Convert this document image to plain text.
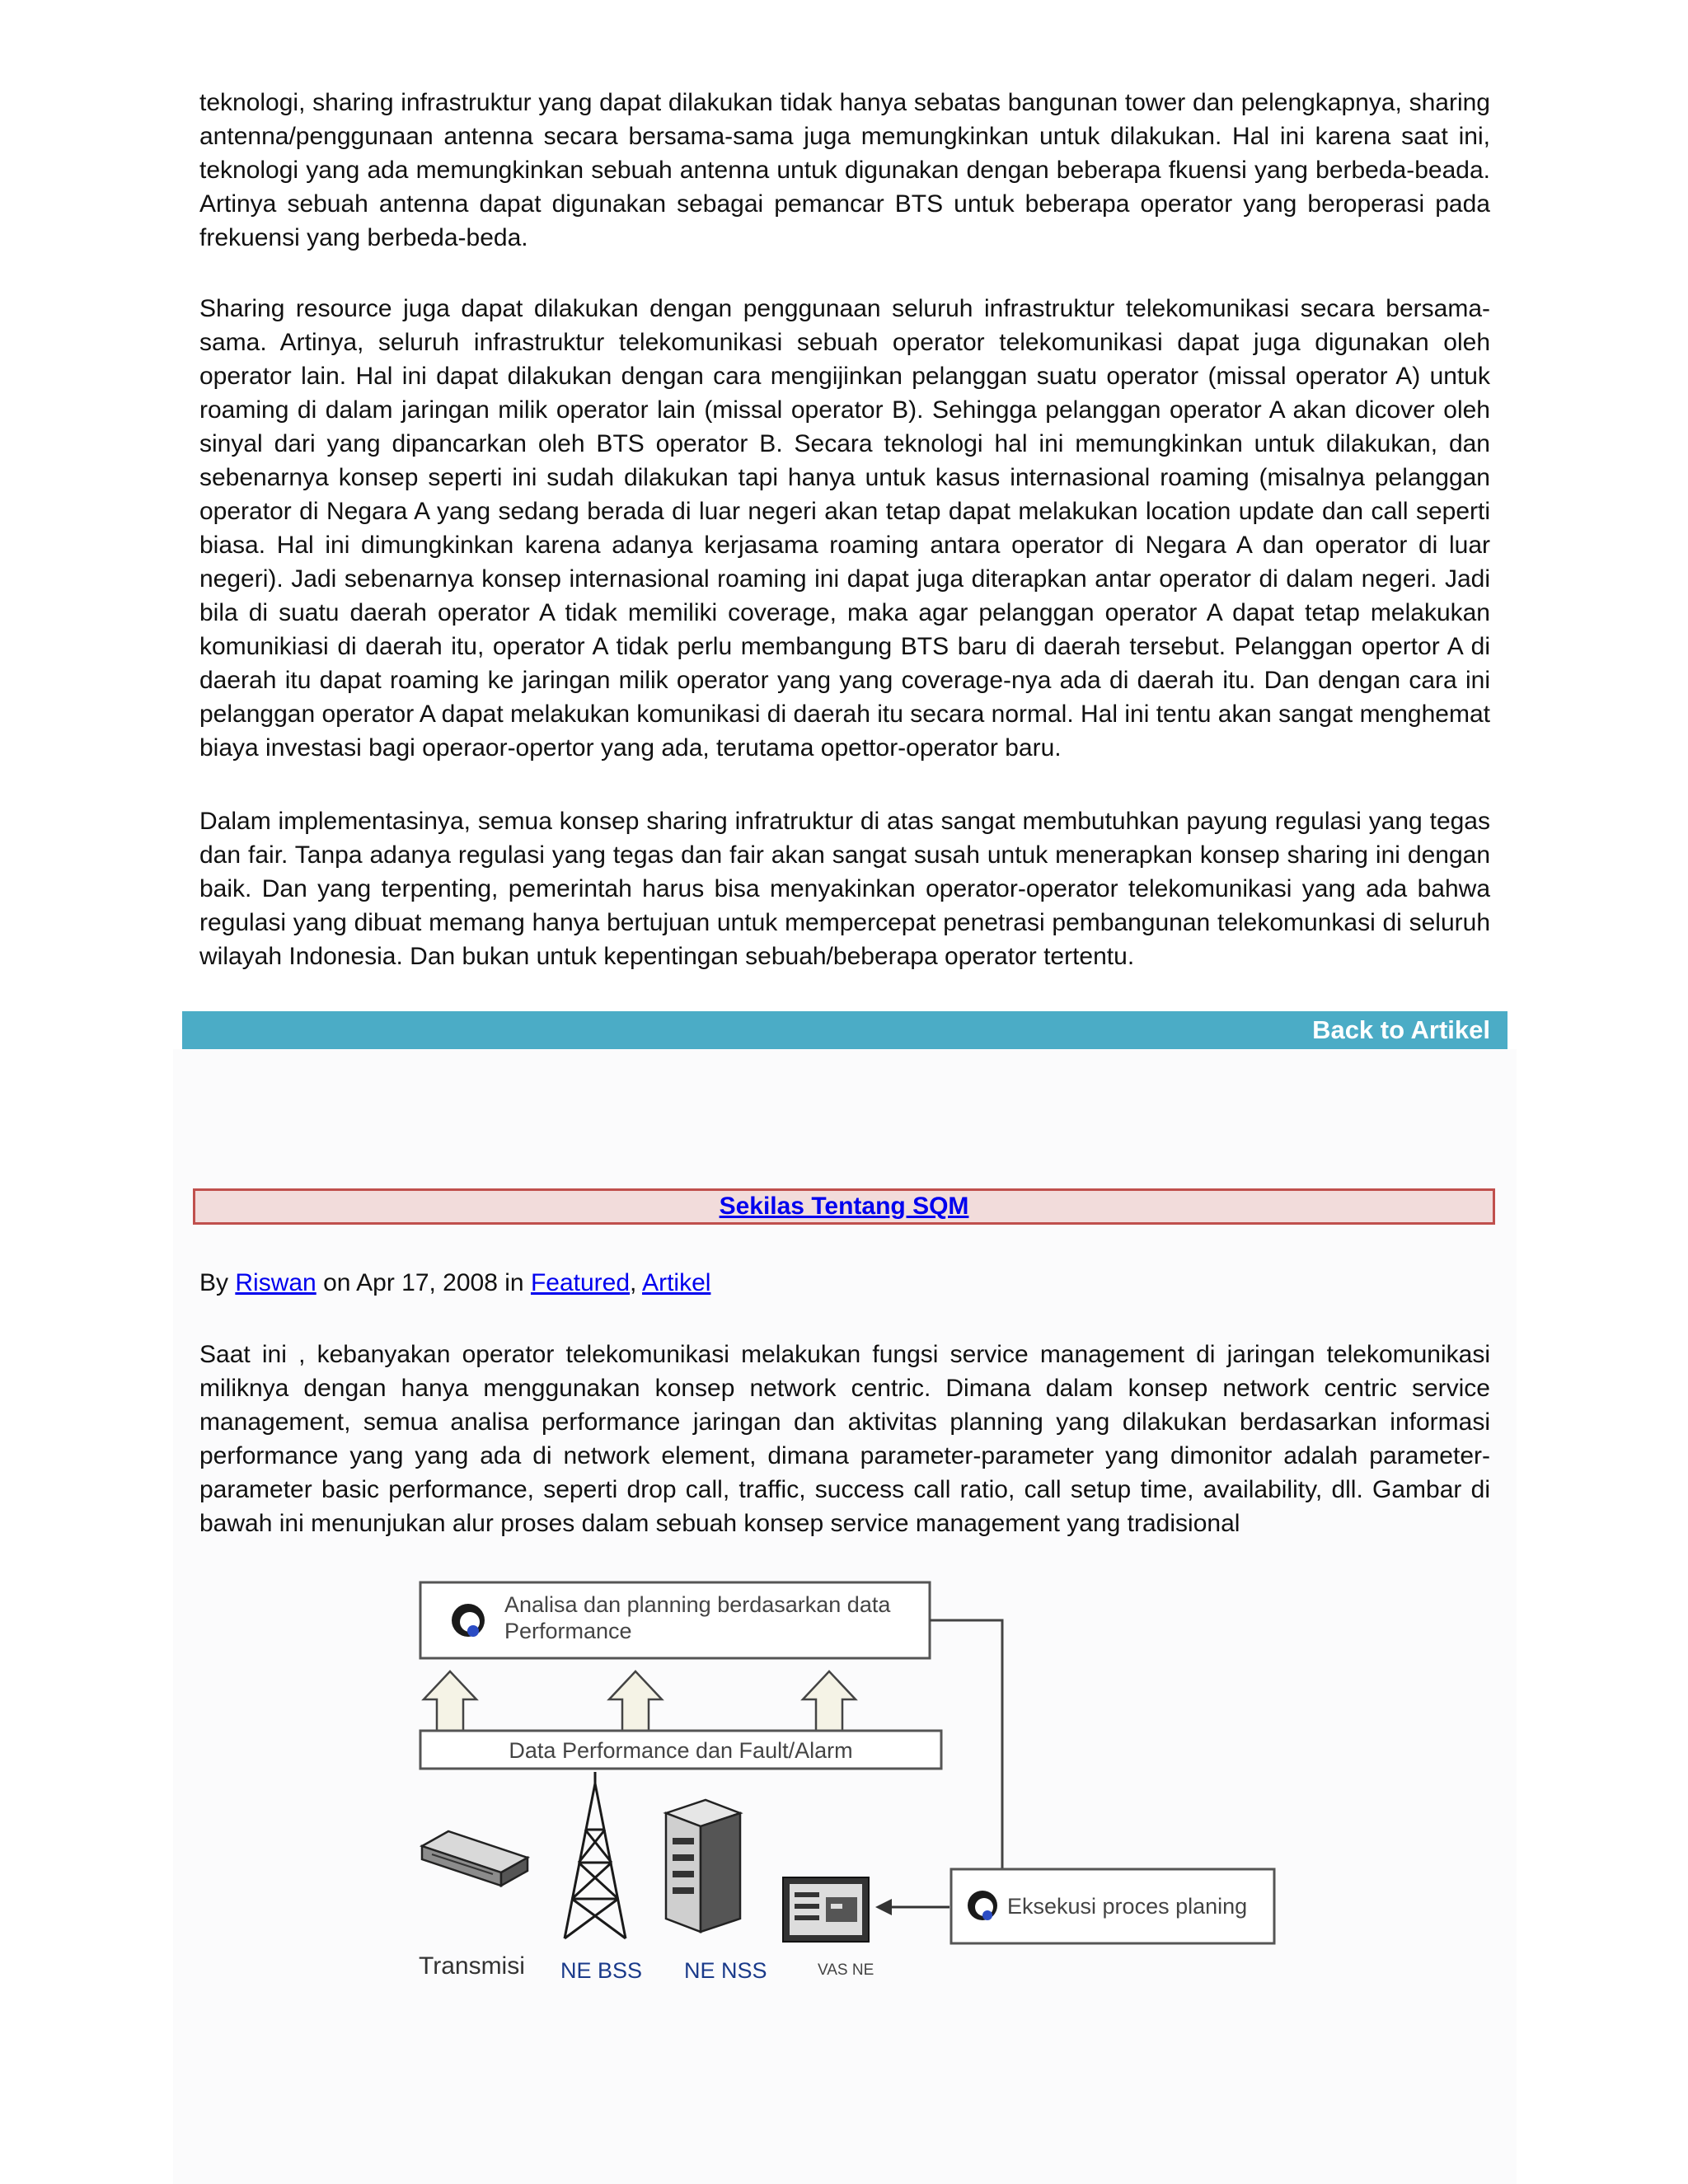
teknologi, sharing infrastruktur yang dapat dilakukan tidak hanya sebatas bangunan tower dan pelengkapnya, sharing antenna/penggunaan antenna secara bersama-sama juga memungkinkan untuk dilakukan. Hal ini karena saat ini, teknologi yang ada memungkinkan sebuah antenna untuk digunakan dengan beberapa fkuensi yang berbeda-beada. Artinya sebuah antenna dapat digunakan sebagai pemancar BTS untuk beberapa operator yang beroperasi pada frekuensi yang berbeda-beda.

Sharing resource juga dapat dilakukan dengan penggunaan seluruh infrastruktur telekomunikasi secara bersama-sama. Artinya, seluruh infrastruktur telekomunikasi sebuah operator telekomunikasi dapat juga digunakan oleh operator lain. Hal ini dapat dilakukan dengan cara mengijinkan pelanggan suatu operator (missal operator A) untuk roaming di dalam jaringan milik operator lain (missal operator B). Sehingga pelanggan operator A akan dicover oleh sinyal dari yang dipancarkan oleh BTS operator B. Secara teknologi hal ini memungkinkan untuk dilakukan, dan sebenarnya konsep seperti ini sudah dilakukan tapi hanya untuk kasus internasional roaming (misalnya pelanggan operator di Negara A yang sedang berada di luar negeri akan tetap dapat melakukan location update dan call seperti biasa. Hal ini dimungkinkan karena adanya kerjasama roaming antara operator di Negara A dan operator di luar negeri). Jadi sebenarnya konsep internasional roaming ini dapat juga diterapkan antar operator di dalam negeri. Jadi bila di suatu daerah operator A tidak memiliki coverage, maka agar pelanggan operator A dapat tetap melakukan komunikiasi di daerah itu, operator A tidak perlu membangung BTS baru di daerah tersebut. Pelanggan opertor A di daerah itu dapat roaming ke jaringan milik operator yang yang coverage-nya ada di daerah itu. Dan dengan cara ini pelanggan operator A dapat melakukan komunikasi di daerah itu secara normal. Hal ini tentu akan sangat menghemat biaya investasi bagi operaor-opertor yang ada, terutama opettor-operator baru.

Dalam implementasinya, semua konsep sharing infratruktur di atas sangat membutuhkan payung regulasi yang tegas dan fair. Tanpa adanya regulasi yang tegas dan fair akan sangat susah untuk menerapkan konsep sharing ini dengan baik. Dan yang terpenting, pemerintah harus bisa menyakinkan operator-operator telekomunikasi yang ada bahwa regulasi yang dibuat memang hanya bertujuan untuk mempercepat penetrasi pembangunan telekomunkasi di seluruh wilayah Indonesia. Dan bukan untuk kepentingan sebuah/beberapa operator tertentu.

Back to Artikel
Sekilas Tentang SQM
By Riswan on Apr 17, 2008 in Featured, Artikel

Saat ini , kebanyakan operator telekomunikasi melakukan fungsi service management di jaringan telekomunikasi miliknya dengan hanya menggunakan konsep network centric. Dimana dalam konsep network centric service management, semua analisa performance jaringan dan aktivitas planning yang dilakukan berdasarkan informasi performance yang yang ada di network element, dimana parameter-parameter yang dimonitor adalah parameter-parameter basic performance, seperti drop call, traffic, success call ratio, call setup time, availability, dll. Gambar di bawah ini menunjukan alur proses dalam sebuah konsep service management yang tradisional

Analisa dan planning berdasarkan data
Performance
Data Performance dan Fault/Alarm
Transmisi NE BSS NE NSS	VAS NE
Eksekusi proces planing
